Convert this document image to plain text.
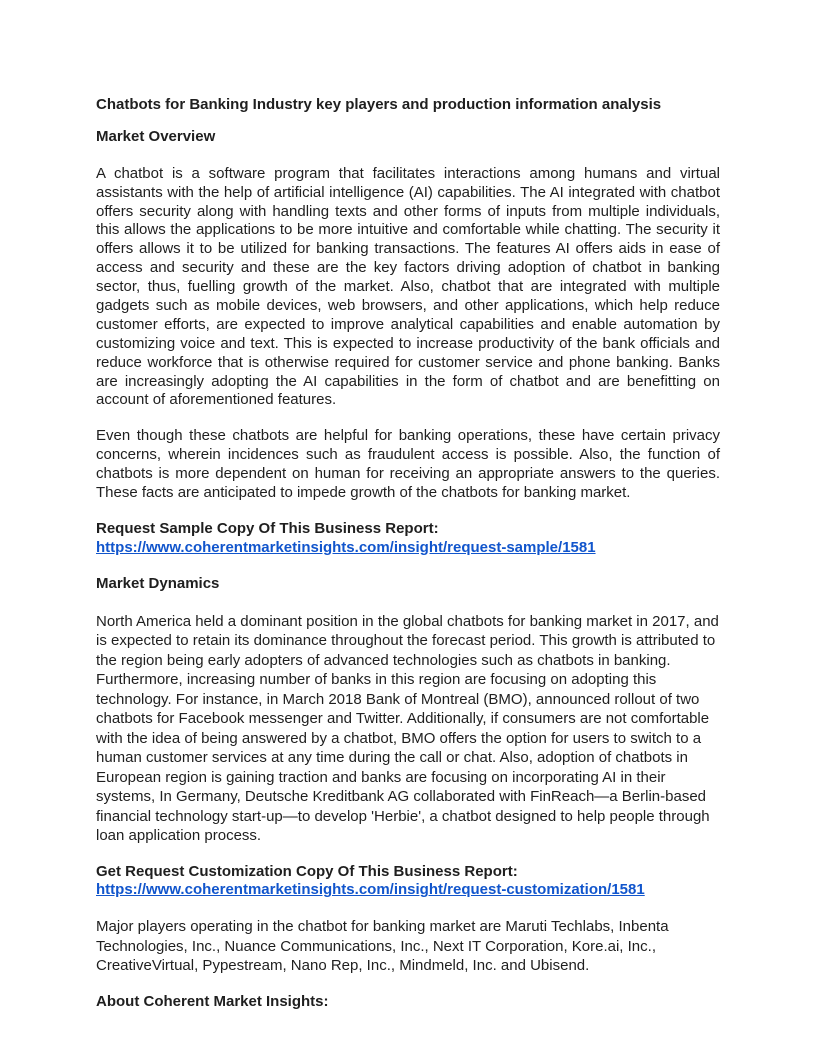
Chatbots for Banking Industry key players and production information analysis
Market Overview

A chatbot is a software program that facilitates interactions among humans and virtual assistants with the help of artificial intelligence (AI) capabilities. The AI integrated with chatbot offers security along with handling texts and other forms of inputs from multiple individuals, this allows the applications to be more intuitive and comfortable while chatting. The security it offers allows it to be utilized for banking transactions. The features AI offers aids in ease of access and security and these are the key factors driving adoption of chatbot in banking sector, thus, fuelling growth of the market. Also, chatbot that are integrated with multiple gadgets such as mobile devices, web browsers, and other applications, which help reduce customer efforts, are expected to improve analytical capabilities and enable automation by customizing voice and text. This is expected to increase productivity of the bank officials and reduce workforce that is otherwise required for customer service and phone banking. Banks are increasingly adopting the AI capabilities in the form of chatbot and are benefitting on account of aforementioned features.

Even though these chatbots are helpful for banking operations, these have certain privacy concerns, wherein incidences such as fraudulent access is possible. Also, the function of chatbots is more dependent on human for receiving an appropriate answers to the queries. These facts are anticipated to impede growth of the chatbots for banking market.

Request Sample Copy Of This Business Report:
https://www.coherentmarketinsights.com/insight/request-sample/1581
Market Dynamics

North America held a dominant position in the global chatbots for banking market in 2017, and is expected to retain its dominance throughout the forecast period. This growth is attributed to the region being early adopters of advanced technologies such as chatbots in banking. Furthermore, increasing number of banks in this region are focusing on adopting this technology. For instance, in March 2018 Bank of Montreal (BMO), announced rollout of two chatbots for Facebook messenger and Twitter. Additionally, if consumers are not comfortable with the idea of being answered by a chatbot, BMO offers the option for users to switch to a human customer services at any time during the call or chat. Also, adoption of chatbots in European region is gaining traction and banks are focusing on incorporating AI in their systems, In Germany, Deutsche Kreditbank AG collaborated with FinReach—a Berlin-based financial technology start-up—to develop 'Herbie', a chatbot designed to help people through loan application process.

Get Request Customization Copy Of This Business Report:
https://www.coherentmarketinsights.com/insight/request-customization/1581

Major players operating in the chatbot for banking market are Maruti Techlabs, Inbenta Technologies, Inc., Nuance Communications, Inc., Next IT Corporation, Kore.ai, Inc., CreativeVirtual, Pypestream, Nano Rep, Inc., Mindmeld, Inc. and Ubisend.

About Coherent Market Insights:
